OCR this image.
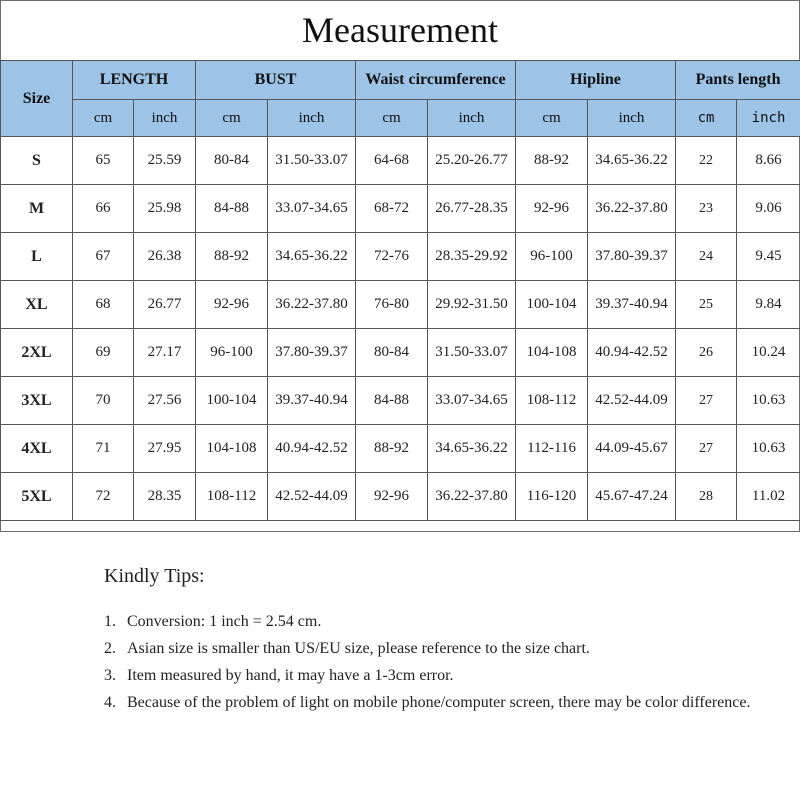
Measurement
Size	LENGTH		BUST		Waist circumference		Hipline		Pants length	
	cm	inch	cm	inch	cm	inch	cm	inch	cm	inch
S	65	25.59	80-84	31.50-33.07	64-68	25.20-26.77	88-92	34.65-36.22	22	8.66
M	66	25.98	84-88	33.07-34.65	68-72	26.77-28.35	92-96	36.22-37.80	23	9.06
L	67	26.38	88-92	34.65-36.22	72-76	28.35-29.92	96-100	37.80-39.37	24	9.45
XL	68	26.77	92-96	36.22-37.80	76-80	29.92-31.50	100-104	39.37-40.94	25	9.84
2XL	69	27.17	96-100	37.80-39.37	80-84	31.50-33.07	104-108	40.94-42.52	26	10.24
3XL	70	27.56	100-104	39.37-40.94	84-88	33.07-34.65	108-112	42.52-44.09	27	10.63
4XL	71	27.95	104-108	40.94-42.52	88-92	34.65-36.22	112-116	44.09-45.67	27	10.63
5XL	72	28.35	108-112	42.52-44.09	92-96	36.22-37.80	116-120	45.67-47.24	28	11.02
Kindly Tips:
1. Conversion: 1 inch = 2.54 cm.
2. Asian size is smaller than US/EU size, please reference to the size chart.
3. Item measured by hand, it may have a 1-3cm error.
4. Because of the problem of light on mobile phone/computer screen, there may be color difference.
